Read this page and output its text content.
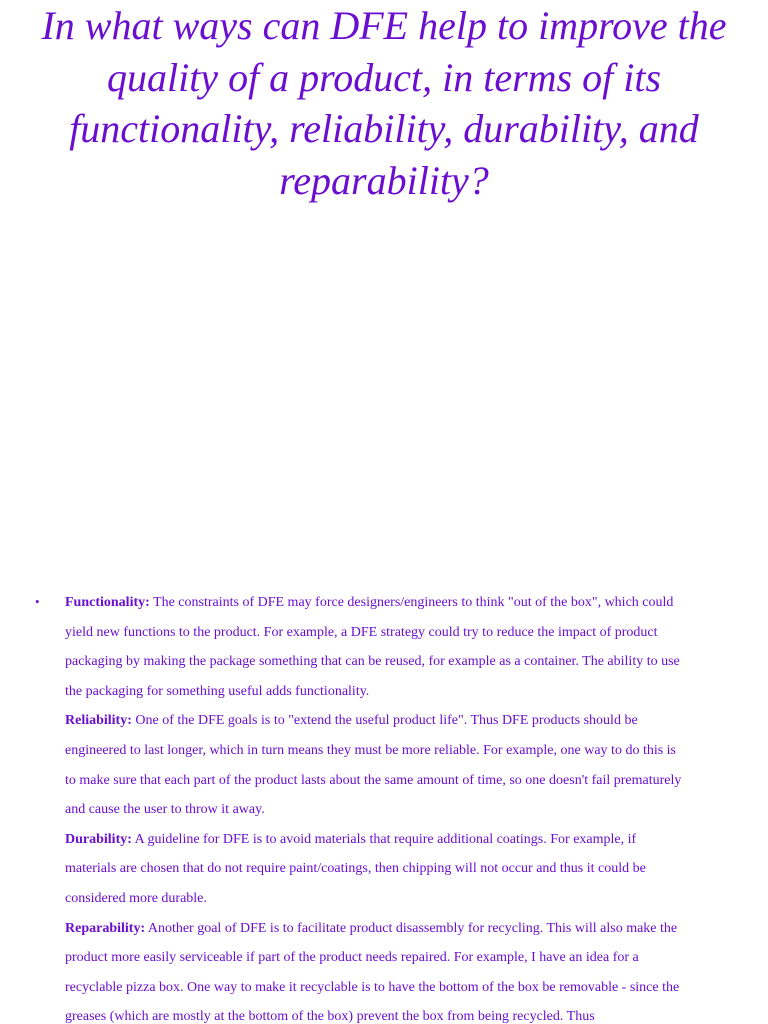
In what ways can DFE help to improve the quality of a product, in terms of its functionality, reliability, durability, and reparability?
• Functionality: The constraints of DFE may force designers/engineers to think "out of the box", which could yield new functions to the product. For example, a DFE strategy could try to reduce the impact of product packaging by making the package something that can be reused, for example as a container. The ability to use the packaging for something useful adds functionality.

Reliability: One of the DFE goals is to "extend the useful product life". Thus DFE products should be engineered to last longer, which in turn means they must be more reliable. For example, one way to do this is to make sure that each part of the product lasts about the same amount of time, so one doesn't fail prematurely and cause the user to throw it away.

Durability: A guideline for DFE is to avoid materials that require additional coatings. For example, if materials are chosen that do not require paint/coatings, then chipping will not occur and thus it could be considered more durable.

Reparability: Another goal of DFE is to facilitate product disassembly for recycling. This will also make the product more easily serviceable if part of the product needs repaired. For example, I have an idea for a recyclable pizza box. One way to make it recyclable is to have the bottom of the box be removable - since the greases (which are mostly at the bottom of the box) prevent the box from being recycled. Thus
